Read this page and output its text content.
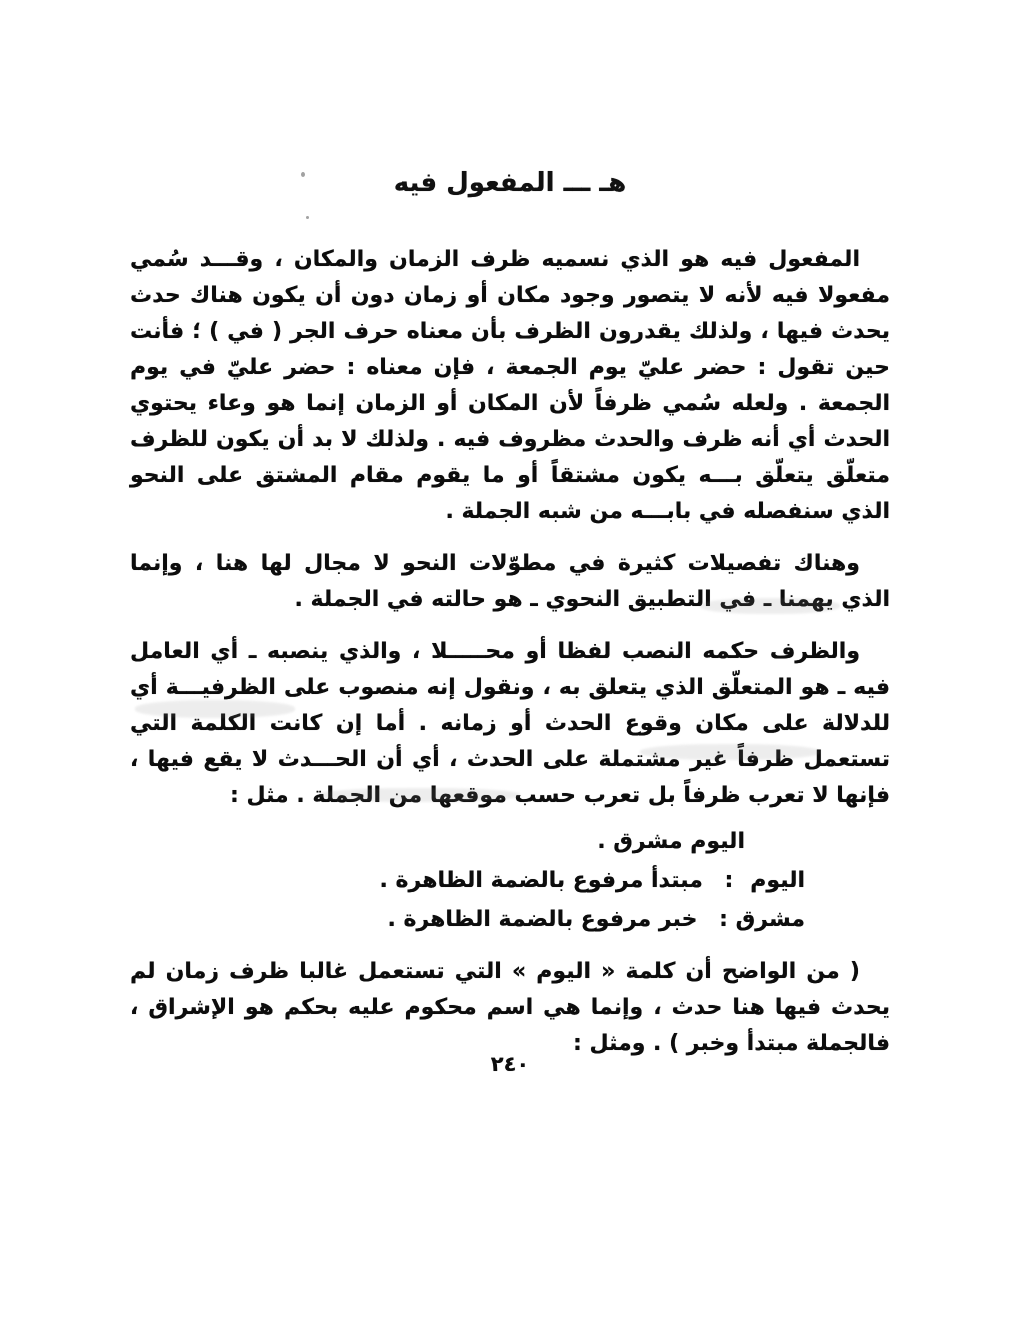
هـ ـــ المفعول فيه

المفعول فيه هو الذي نسميه ظرف الزمان والمكان ، وقـــد سُمي مفعولا فيه لأنه لا يتصور وجود مكان أو زمان دون أن يكون هناك حدث يحدث فيها ، ولذلك يقدرون الظرف بأن معناه حرف الجر ( في ) ؛ فأنت حين تقول : حضر عليّ يوم الجمعة ، فإن معناه : حضر عليّ في يوم الجمعة . ولعله سُمي ظرفاً لأن المكان أو الزمان إنما هو وعاء يحتوي الحدث أي أنه ظرف والحدث مظروف فيه . ولذلك لا بد أن يكون للظرف متعلّق يتعلّق بـــه يكون مشتقاً أو ما يقوم مقام المشتق على النحو الذي سنفصله في بابـــه من شبه الجملة .

وهناك تفصيلات كثيرة في مطوّلات النحو لا مجال لها هنا ، وإنما الذي يهمنا ـ في التطبيق النحوي ـ هو حالته في الجملة .

والظرف حكمه النصب لفظا أو محـــــلا ، والذي ينصبه ـ أي العامل فيه ـ هو المتعلّق الذي يتعلق به ، ونقول إنه منصوب على الظرفيـــة أي للدلالة على مكان وقوع الحدث أو زمانه . أما إن كانت الكلمة التي تستعمل ظرفاً غير مشتملة على الحدث ، أي أن الحـــدث لا يقع فيها ، فإنها لا تعرب ظرفاً بل تعرب حسب موقعها من الجملة . مثل :

اليوم مشرق .
اليوم : مبتدأ مرفوع بالضمة الظاهرة .
مشرق : خبر مرفوع بالضمة الظاهرة .

( من الواضح أن كلمة « اليوم » التي تستعمل غالبا ظرف زمان لم يحدث فيها هنا حدث ، وإنما هي اسم محكوم عليه بحكم هو الإشراق ، فالجملة مبتدأ وخبر ) . ومثل :

٢٤٠
